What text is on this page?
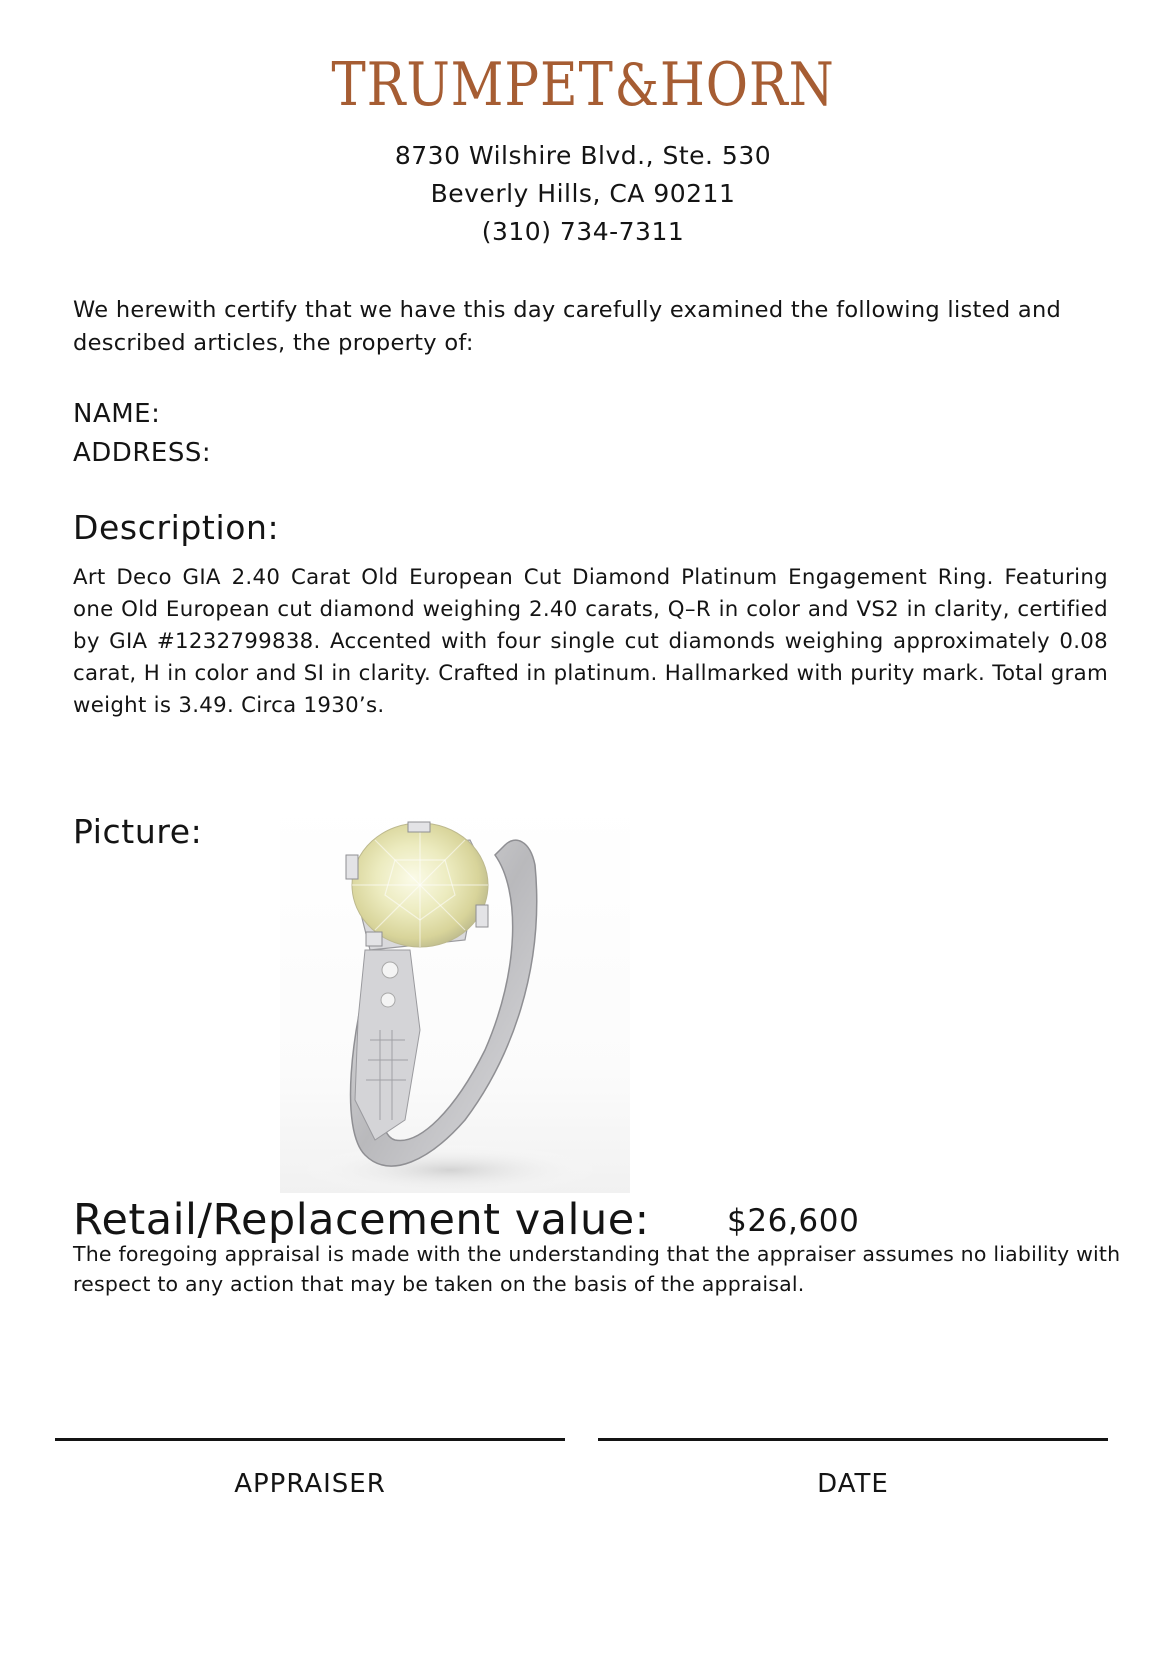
TRUMPET&HORN
8730 Wilshire Blvd., Ste. 530
Beverly Hills, CA 90211
(310) 734-7311
We herewith certify that we have this day carefully examined the following listed and described articles, the property of:
NAME:
ADDRESS:
Description:
Art Deco GIA 2.40 Carat Old European Cut Diamond Platinum Engagement Ring. Featuring one Old European cut diamond weighing 2.40 carats, Q–R in color and VS2 in clarity, certified by GIA #1232799838. Accented with four single cut diamonds weighing approximately 0.08 carat, H in color and SI in clarity. Crafted in platinum. Hallmarked with purity mark. Total gram weight is 3.49. Circa 1930’s.
Picture:
Retail/Replacement value: $26,600
The foregoing appraisal is made with the understanding that the appraiser assumes no liability with respect to any action that may be taken on the basis of the appraisal.
APPRAISER	DATE
